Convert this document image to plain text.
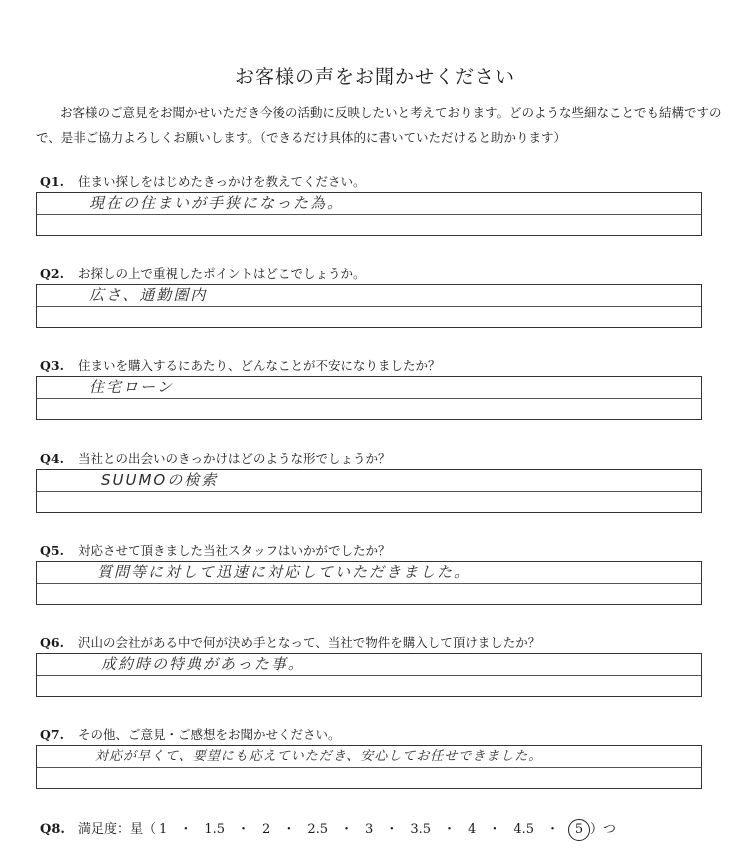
お客様の声をお聞かせください
お客様のご意見をお聞かせいただき今後の活動に反映したいと考えております。どのような些細なことでも結構ですので、是非ご協力よろしくお願いします。（できるだけ具体的に書いていただけると助かります）
Q1. 住まい探しをはじめたきっかけを教えてください。
現在の住まいが手狭になった為。
Q2. お探しの上で重視したポイントはどこでしょうか。
広さ、通勤圏内
Q3. 住まいを購入するにあたり、どんなことが不安になりましたか？
住宅ローン
Q4. 当社との出会いのきっかけはどのような形でしょうか？
SUUMOの検索
Q5. 対応させて頂きました当社スタッフはいかがでしたか？
質問等に対して迅速に対応していただきました。
Q6. 沢山の会社がある中で何が決め手となって、当社で物件を購入して頂けましたか？
成約時の特典があった事。
Q7. その他、ご意見・ご感想をお聞かせください。
対応が早くて、要望にも応えていただき、安心してお任せできました。
Q8. 満足度：星（ 1 ・ 1.5 ・ 2 ・ 2.5 ・ 3 ・ 3.5 ・ 4 ・ 4.5 ・ 5 ）つ
